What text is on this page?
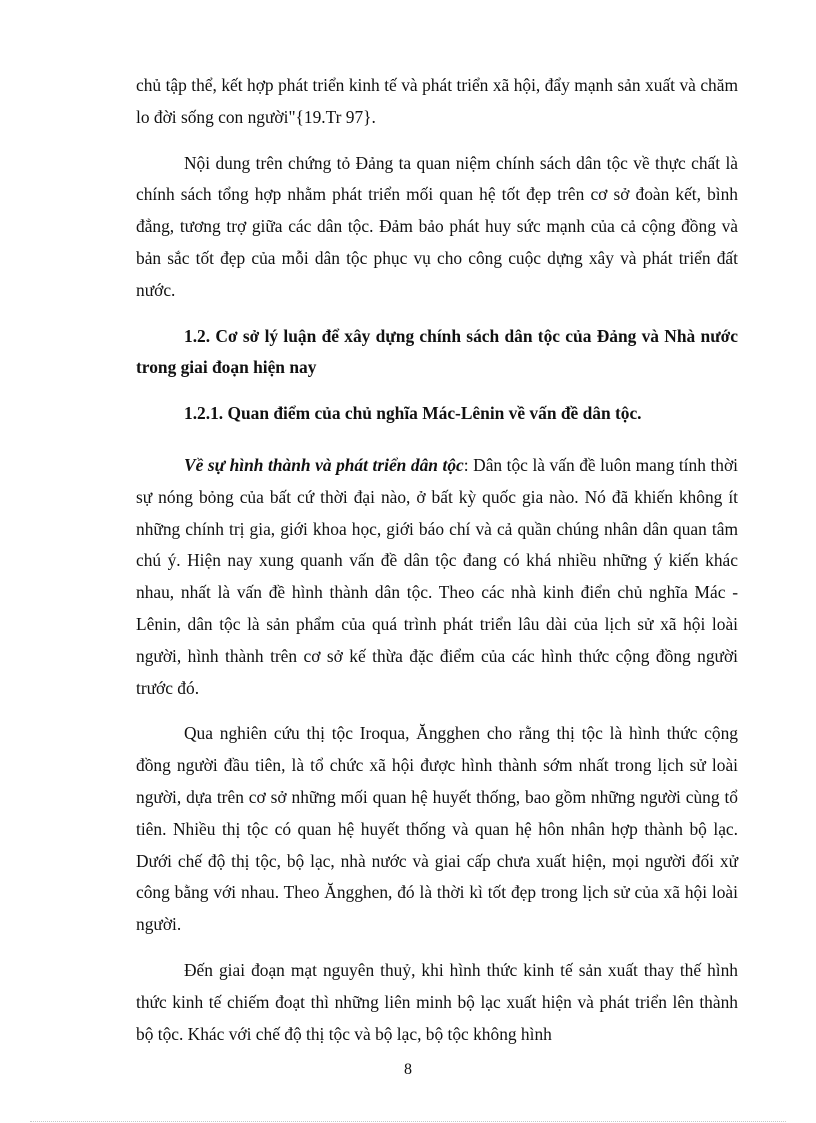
chủ tập thể, kết hợp phát triển kinh tế và phát triển xã hội, đẩy mạnh sản xuất và chăm lo đời sống con người"{19.Tr 97}.

Nội dung trên chứng tỏ Đảng ta quan niệm chính sách dân tộc về thực chất là chính sách tổng hợp nhằm phát triển mối quan hệ tốt đẹp trên cơ sở đoàn kết, bình đẳng, tương trợ giữa các dân tộc. Đảm bảo phát huy sức mạnh của cả cộng đồng và bản sắc tốt đẹp của mỗi dân tộc phục vụ cho công cuộc dựng xây và phát triển đất nước.

1.2. Cơ sở lý luận để xây dựng chính sách dân tộc của Đảng và Nhà nước trong giai đoạn hiện nay

1.2.1. Quan điểm của chủ nghĩa Mác-Lênin về vấn đề dân tộc.

Về sự hình thành và phát triển dân tộc: Dân tộc là vấn đề luôn mang tính thời sự nóng bỏng của bất cứ thời đại nào, ở bất kỳ quốc gia nào. Nó đã khiến không ít những chính trị gia, giới khoa học, giới báo chí và cả quần chúng nhân dân quan tâm chú ý. Hiện nay xung quanh vấn đề dân tộc đang có khá nhiều những ý kiến khác nhau, nhất là vấn đề hình thành dân tộc. Theo các nhà kinh điển chủ nghĩa Mác - Lênin, dân tộc là sản phẩm của quá trình phát triển lâu dài của lịch sử xã hội loài người, hình thành trên cơ sở kế thừa đặc điểm của các hình thức cộng đồng người trước đó.

Qua nghiên cứu thị tộc Iroqua, Ăngghen cho rằng thị tộc là hình thức cộng đồng người đầu tiên, là tổ chức xã hội được hình thành sớm nhất trong lịch sử loài người, dựa trên cơ sở những mối quan hệ huyết thống, bao gồm những người cùng tổ tiên. Nhiều thị tộc có quan hệ huyết thống và quan hệ hôn nhân hợp thành bộ lạc. Dưới chế độ thị tộc, bộ lạc, nhà nước và giai cấp chưa xuất hiện, mọi người đối xử công bằng với nhau. Theo Ăngghen, đó là thời kì tốt đẹp trong lịch sử của xã hội loài người.

Đến giai đoạn mạt nguyên thuỷ, khi hình thức kinh tế sản xuất thay thế hình thức kinh tế chiếm đoạt thì những liên minh bộ lạc xuất hiện và phát triển lên thành bộ tộc. Khác với chế độ thị tộc và bộ lạc, bộ tộc không hình

8
